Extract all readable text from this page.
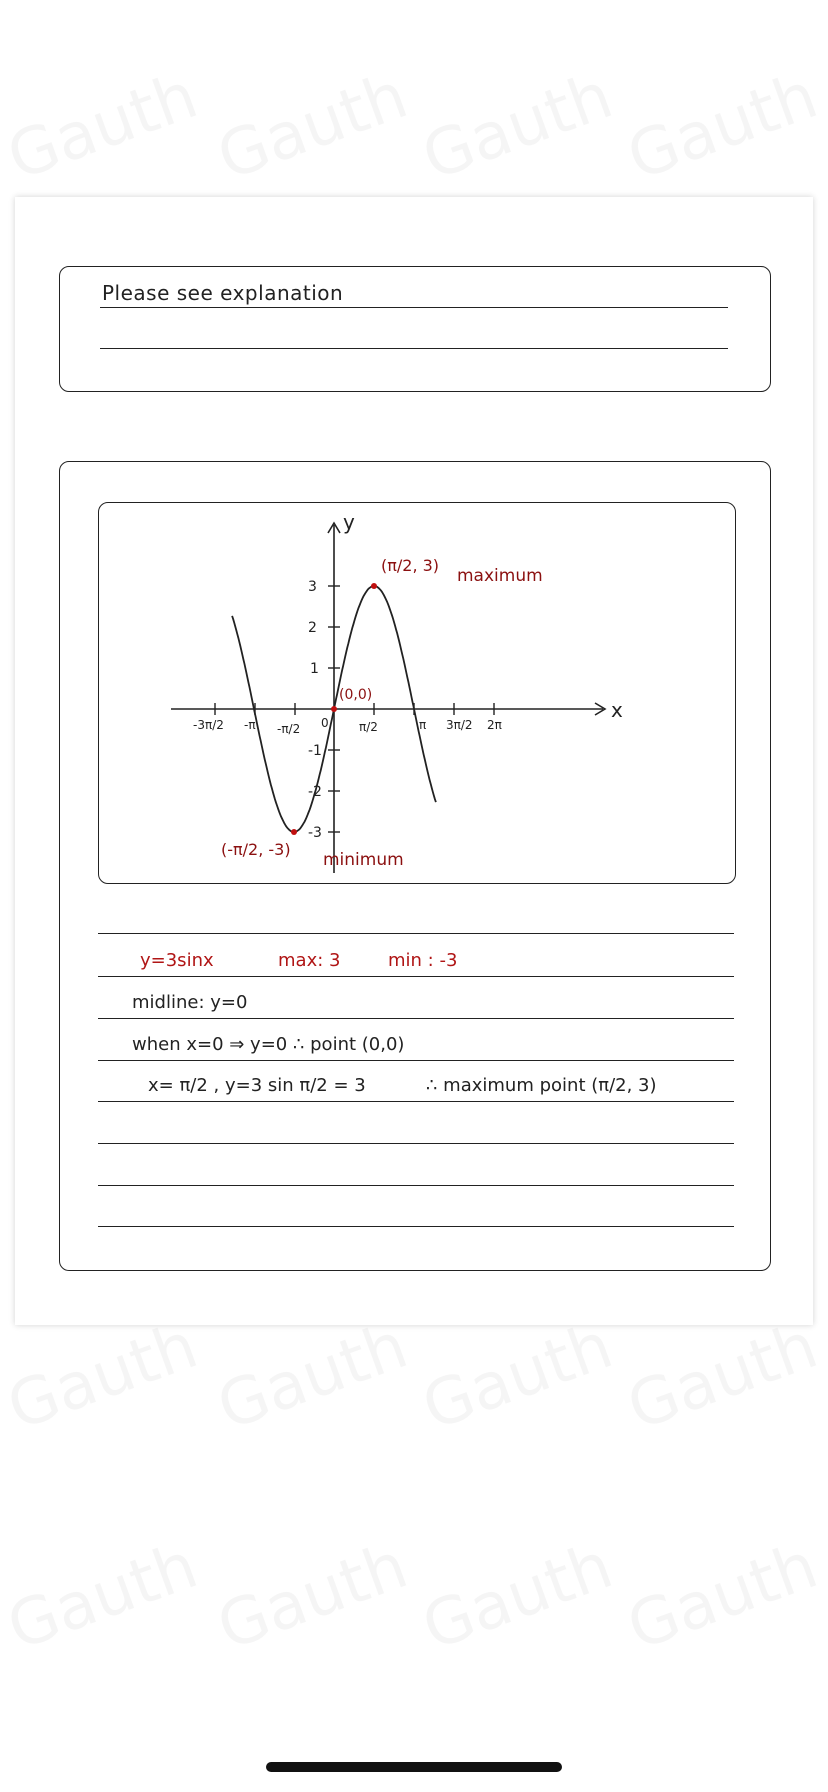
Please see explanation
y
x
3
2
1
-1
-2
-3
-3π/2 -π -π/2 0	π/2	π 3π/2 2π
(π/2, 3)
maximum
(0,0)
(-π/2, -3)
minimum
y=3sinx	max: 3	min : -3
midline: y=0
when x=0 ⇒ y=0 ∴ point (0,0)
x= π/2 , y=3 sin π/2 = 3	∴ maximum point (π/2, 3)
